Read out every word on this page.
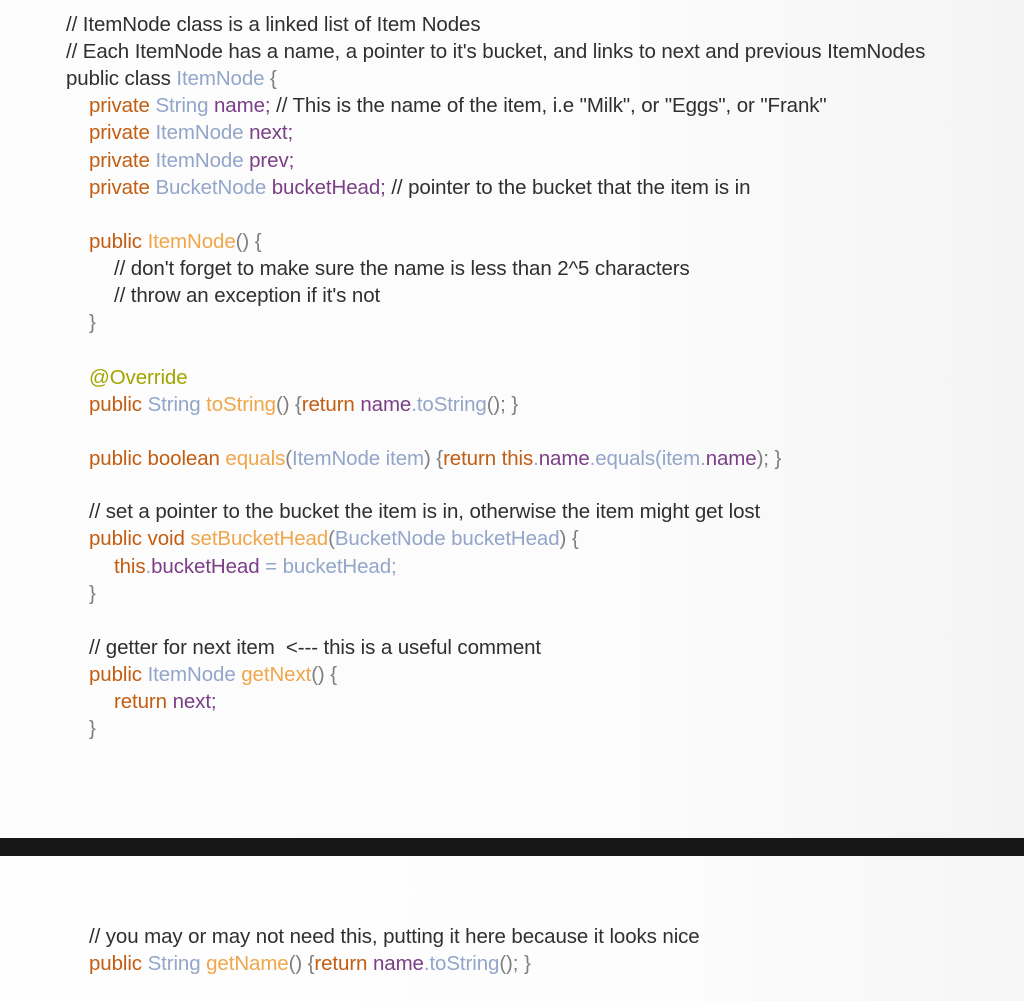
// ItemNode class is a linked list of Item Nodes
// Each ItemNode has a name, a pointer to it's bucket, and links to next and previous ItemNodes
public class ItemNode {
private String name; // This is the name of the item, i.e "Milk", or "Eggs", or "Frank"
private ItemNode next;
private ItemNode prev;
private BucketNode bucketHead; // pointer to the bucket that the item is in
public ItemNode() {
// don't forget to make sure the name is less than 2^5 characters
// throw an exception if it's not
}
@Override
public String toString() {return name.toString(); }
public boolean equals(ItemNode item) {return this.name.equals(item.name); }
// set a pointer to the bucket the item is in, otherwise the item might get lost
public void setBucketHead(BucketNode bucketHead) {
this.bucketHead = bucketHead;
}
// getter for next item  <--- this is a useful comment
public ItemNode getNext() {
return next;
}
// you may or may not need this, putting it here because it looks nice
public String getName() {return name.toString(); }
